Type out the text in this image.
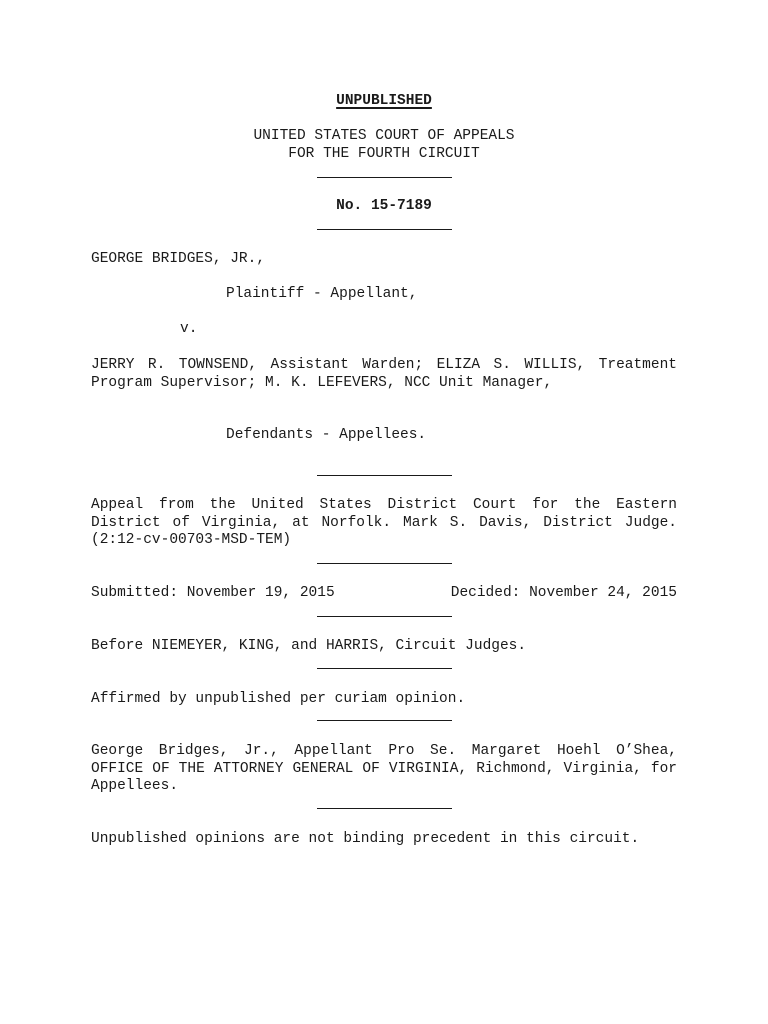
UNPUBLISHED
UNITED STATES COURT OF APPEALS
FOR THE FOURTH CIRCUIT
No. 15-7189
GEORGE BRIDGES, JR.,
Plaintiff - Appellant,
v.
JERRY R. TOWNSEND, Assistant Warden; ELIZA S. WILLIS, Treatment Program Supervisor; M. K. LEFEVERS, NCC Unit Manager,
Defendants - Appellees.
Appeal from the United States District Court for the Eastern District of Virginia, at Norfolk. Mark S. Davis, District Judge. (2:12-cv-00703-MSD-TEM)
Submitted: November 19, 2015	Decided: November 24, 2015
Before NIEMEYER, KING, and HARRIS, Circuit Judges.
Affirmed by unpublished per curiam opinion.
George Bridges, Jr., Appellant Pro Se. Margaret Hoehl O’Shea, OFFICE OF THE ATTORNEY GENERAL OF VIRGINIA, Richmond, Virginia, for Appellees.
Unpublished opinions are not binding precedent in this circuit.
